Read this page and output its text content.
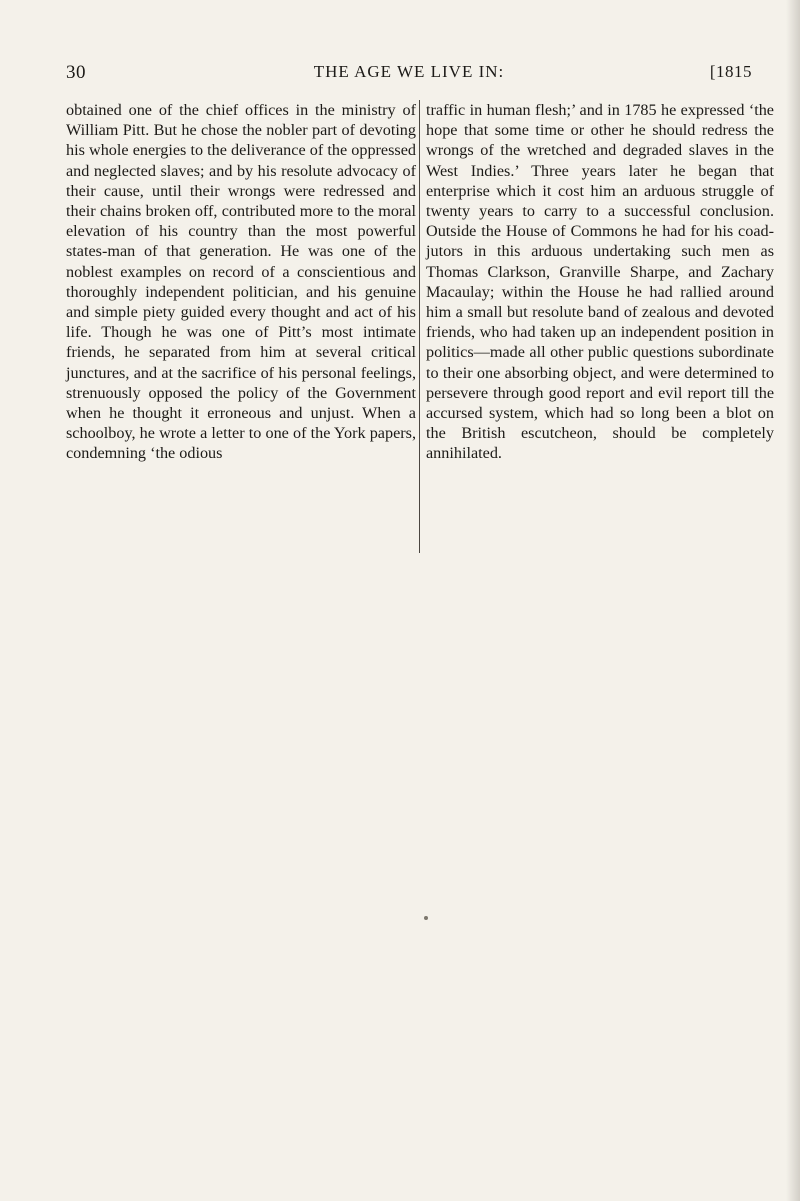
30	THE AGE WE LIVE IN:	[1815
obtained one of the chief offices in the ministry of William Pitt. But he chose the nobler part of devoting his whole energies to the deliverance of the oppressed and neglected slaves; and by his resolute advocacy of their cause, until their wrongs were redressed and their chains broken off, contributed more to the moral elevation of his country than the most powerful states-man of that generation. He was one of the noblest examples on record of a conscientious and thoroughly independent politician, and his genuine and simple piety guided every thought and act of his life. Though he was one of Pitt’s most intimate friends, he separated from him at several critical junctures, and at the sacrifice of his personal feelings, strenuously opposed the policy of the Government when he thought it erroneous and unjust. When a schoolboy, he wrote a letter to one of the York papers, condemning ‘the odious
traffic in human flesh;’ and in 1785 he expressed ‘the hope that some time or other he should redress the wrongs of the wretched and degraded slaves in the West Indies.’ Three years later he began that enterprise which it cost him an arduous struggle of twenty years to carry to a successful conclusion. Outside the House of Commons he had for his coad-jutors in this arduous undertaking such men as Thomas Clarkson, Granville Sharpe, and Zachary Macaulay; within the House he had rallied around him a small but resolute band of zealous and devoted friends, who had taken up an independent position in politics—made all other public questions subordinate to their one absorbing object, and were determined to persevere through good report and evil report till the accursed system, which had so long been a blot on the British escutcheon, should be completely annihilated.
